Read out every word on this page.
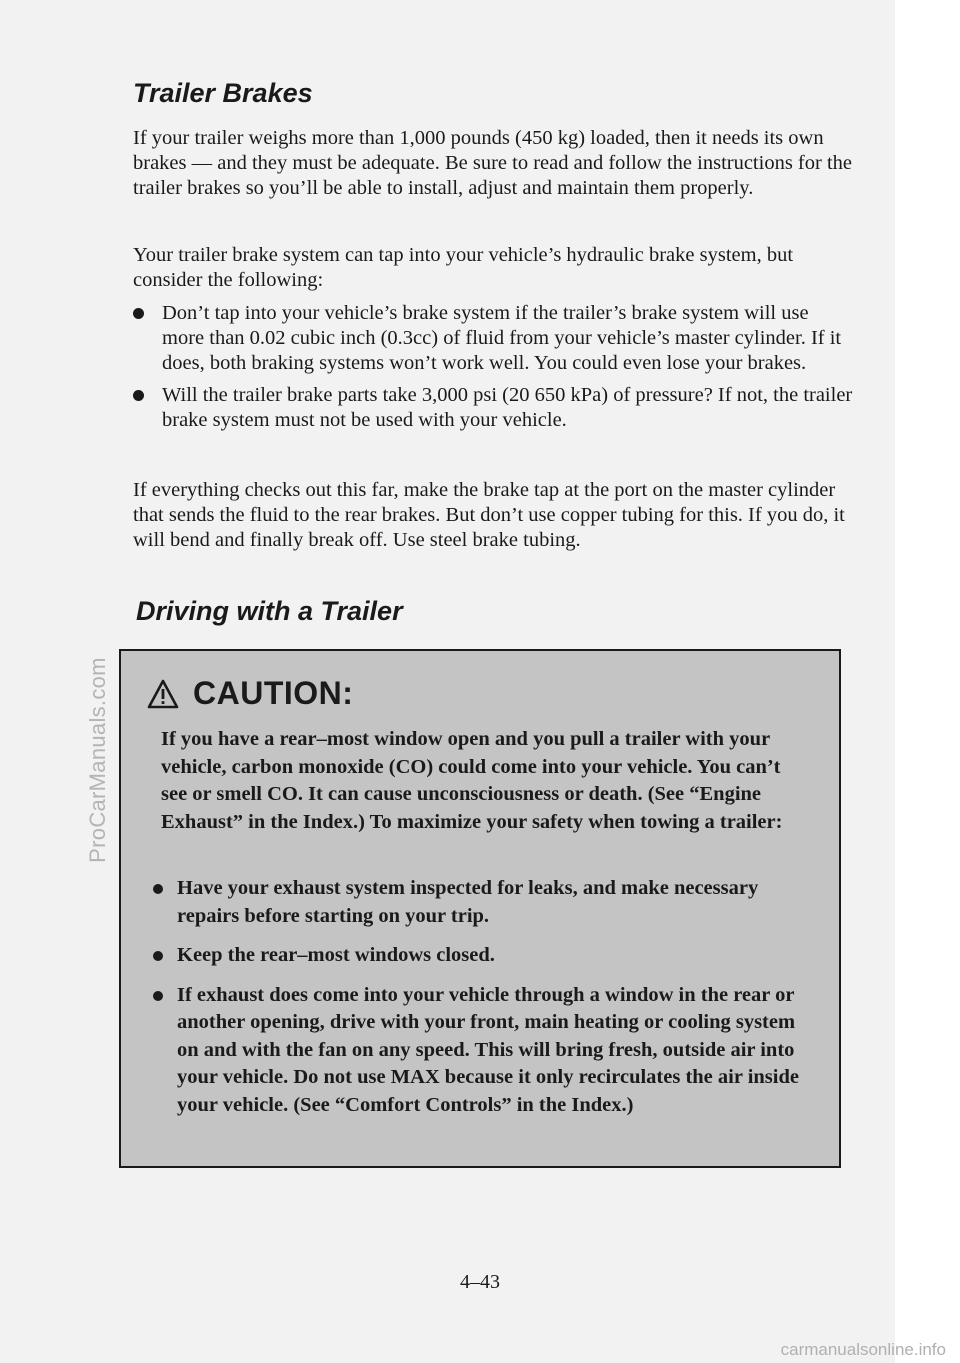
ProCarManuals.com
Trailer Brakes

If your trailer weighs more than 1,000 pounds (450 kg) loaded, then it needs its own brakes — and they must be adequate. Be sure to read and follow the instructions for the trailer brakes so you’ll be able to install, adjust and maintain them properly.

Your trailer brake system can tap into your vehicle’s hydraulic brake system, but consider the following:

Don’t tap into your vehicle’s brake system if the trailer’s brake system will use more than 0.02 cubic inch (0.3cc) of fluid from your vehicle’s master cylinder. If it does, both braking systems won’t work well. You could even lose your brakes.
Will the trailer brake parts take 3,000 psi (20 650 kPa) of pressure? If not, the trailer brake system must not be used with your vehicle.

If everything checks out this far, make the brake tap at the port on the master cylinder that sends the fluid to the rear brakes. But don’t use copper tubing for this. If you do, it will bend and finally break off. Use steel brake tubing.

Driving with a Trailer
CAUTION:
If you have a rear–most window open and you pull a trailer with your vehicle, carbon monoxide (CO) could come into your vehicle. You can’t see or smell CO. It can cause unconsciousness or death. (See “Engine Exhaust” in the Index.) To maximize your safety when towing a trailer:
Have your exhaust system inspected for leaks, and make necessary repairs before starting on your trip.
Keep the rear–most windows closed.
If exhaust does come into your vehicle through a window in the rear or another opening, drive with your front, main heating or cooling system on and with the fan on any speed. This will bring fresh, outside air into your vehicle. Do not use MAX because it only recirculates the air inside your vehicle. (See “Comfort Controls” in the Index.)
4–43
carmanualsonline.info
